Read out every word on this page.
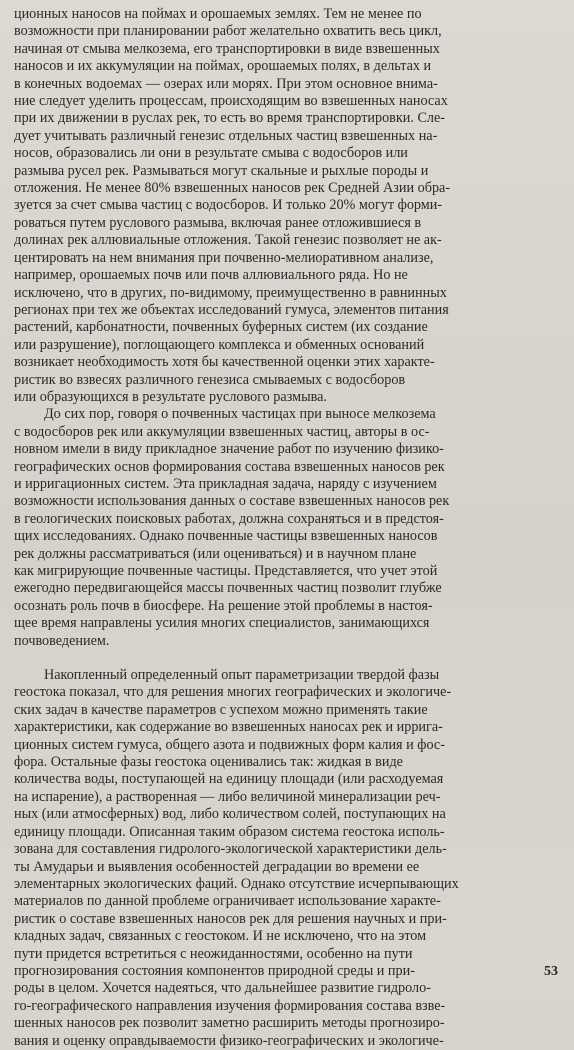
ционных наносов на поймах и орошаемых землях. Тем не менее по
возможности при планировании работ желательно охватить весь цикл,
начиная от смыва мелкозема, его транспортировки в виде взвешенных
наносов и их аккумуляции на поймах, орошаемых полях, в дельтах и
в конечных водоемах — озерах или морях. При этом основное внима-
ние следует уделить процессам, происходящим во взвешенных наносах
при их движении в руслах рек, то есть во время транспортировки. Сле-
дует учитывать различный генезис отдельных частиц взвешенных на-
носов, образовались ли они в результате смыва с водосборов или
размыва русел рек. Размываться могут скальные и рыхлые породы и
отложения. Не менее 80% взвешенных наносов рек Средней Азии обра-
зуется за счет смыва частиц с водосборов. И только 20% могут форми-
роваться путем руслового размыва, включая ранее отложившиеся в
долинах рек аллювиальные отложения. Такой генезис позволяет не ак-
центировать на нем внимания при почвенно-мелиоративном анализе,
например, орошаемых почв или почв аллювиального ряда. Но не
исключено, что в других, по-видимому, преимущественно в равнинных
регионах при тех же объектах исследований гумуса, элементов питания
растений, карбонатности, почвенных буферных систем (их создание
или разрушение), поглощающего комплекса и обменных оснований
возникает необходимость хотя бы качественной оценки этих характе-
ристик во взвесях различного генезиса смываемых с водосборов
или образующихся в результате руслового размыва.
До сих пор, говоря о почвенных частицах при выносе мелкозема
с водосборов рек или аккумуляции взвешенных частиц, авторы в ос-
новном имели в виду прикладное значение работ по изучению физико-
географических основ формирования состава взвешенных наносов рек
и ирригационных систем. Эта прикладная задача, наряду с изучением
возможности использования данных о составе взвешенных наносов рек
в геологических поисковых работах, должна сохраняться и в предстоя-
щих исследованиях. Однако почвенные частицы взвешенных наносов
рек должны рассматриваться (или оцениваться) и в научном плане
как мигрирующие почвенные частицы. Представляется, что учет этой
ежегодно передвигающейся массы почвенных частиц позволит глубже
осознать роль почв в биосфере. На решение этой проблемы в настоя-
щее время направлены усилия многих специалистов, занимающихся
почвоведением.
Накопленный определенный опыт параметризации твердой фазы
геостока показал, что для решения многих географических и экологиче-
ских задач в качестве параметров с успехом можно применять такие
характеристики, как содержание во взвешенных наносах рек и ирригa-
ционных систем гумуса, общего азота и подвижных форм калия и фос-
фора. Остальные фазы геостока оценивались так: жидкая в виде
количества воды, поступающей на единицу площади (или расходуемая
на испарение), а растворенная — либо величиной минерализации реч-
ных (или атмосферных) вод, либо количеством солей, поступающих на
единицу площади. Описанная таким образом система геостока исполь-
зована для составления гидролого-экологической характеристики дель-
ты Амударьи и выявления особенностей деградации во времени ее
элементарных экологических фаций. Однако отсутствие исчерпывающих
материалов по данной проблеме ограничивает использование характе-
ристик о составе взвешенных наносов рек для решения научных и при-
кладных задач, связанных с геостоком. И не исключено, что на этом
пути придется встретиться с неожиданностями, особенно на пути
прогнозирования состояния компонентов природной среды и при-
роды в целом. Хочется надеяться, что дальнейшее развитие гидроло-
го-географического направления изучения формирования состава взве-
шенных наносов рек позволит заметно расширить методы прогнозиро-
вания и оценку оправдываемости физико-географических и экологиче-
53
